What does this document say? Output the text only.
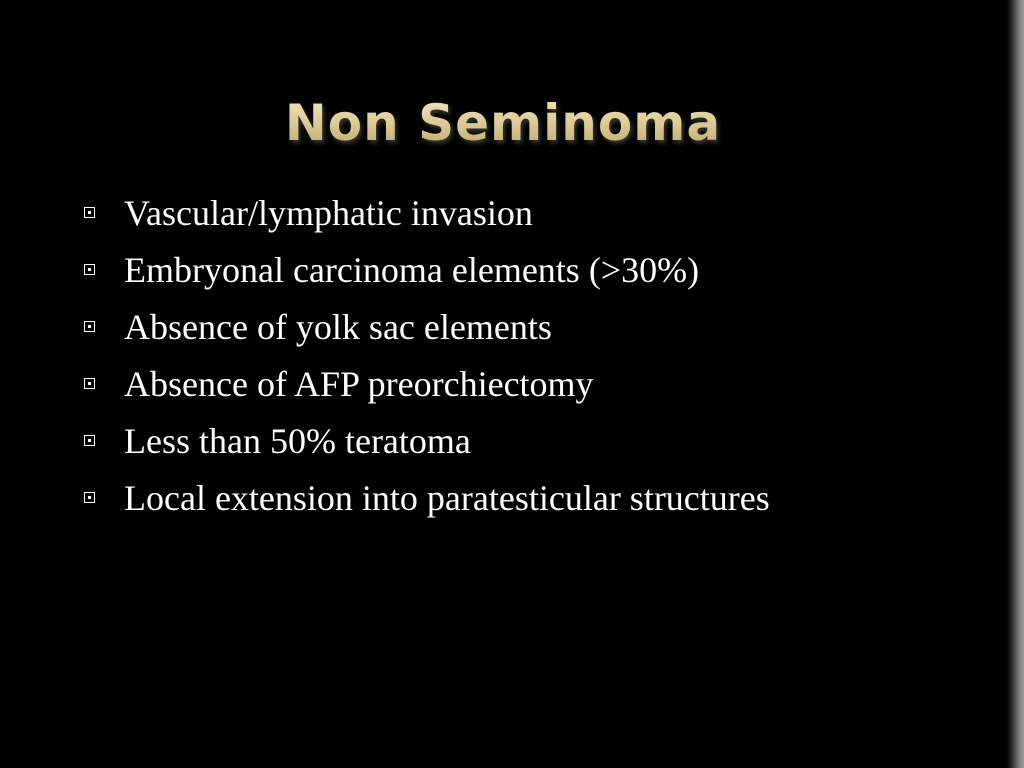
Non Seminoma
Vascular/lymphatic invasion
Embryonal carcinoma elements (>30%)
Absence of yolk sac elements
Absence of AFP preorchiectomy
Less than 50% teratoma
Local extension into paratesticular structures
